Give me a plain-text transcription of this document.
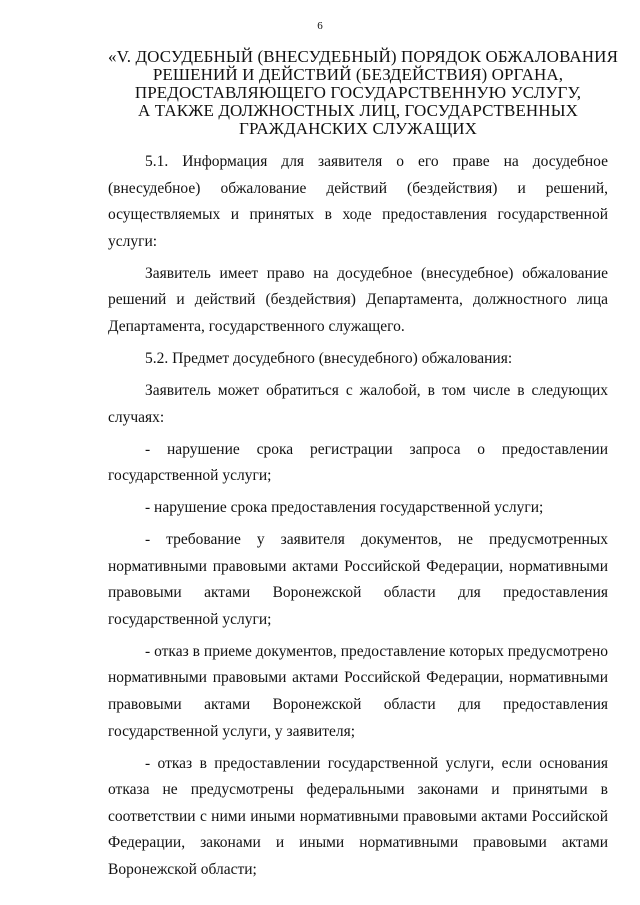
6
«V. ДОСУДЕБНЫЙ (ВНЕСУДЕБНЫЙ) ПОРЯДОК ОБЖАЛОВАНИЯ
РЕШЕНИЙ И ДЕЙСТВИЙ (БЕЗДЕЙСТВИЯ) ОРГАНА,
ПРЕДОСТАВЛЯЮЩЕГО ГОСУДАРСТВЕННУЮ УСЛУГУ,
А ТАКЖЕ ДОЛЖНОСТНЫХ ЛИЦ, ГОСУДАРСТВЕННЫХ
ГРАЖДАНСКИХ СЛУЖАЩИХ

5.1. Информация для заявителя о его праве на досудебное (внесудебное) обжалование действий (бездействия) и решений, осуществляемых и принятых в ходе предоставления государственной услуги:

Заявитель имеет право на досудебное (внесудебное) обжалование решений и действий (бездействия) Департамента, должностного лица Департамента, государственного служащего.

5.2. Предмет досудебного (внесудебного) обжалования:

Заявитель может обратиться с жалобой, в том числе в следующих случаях:

- нарушение срока регистрации запроса о предоставлении государственной услуги;

- нарушение срока предоставления государственной услуги;

- требование у заявителя документов, не предусмотренных нормативными правовыми актами Российской Федерации, нормативными правовыми актами Воронежской области для предоставления государственной услуги;

- отказ в приеме документов, предоставление которых предусмотрено нормативными правовыми актами Российской Федерации, нормативными правовыми актами Воронежской области для предоставления государственной услуги, у заявителя;

- отказ в предоставлении государственной услуги, если основания отказа не предусмотрены федеральными законами и принятыми в соответствии с ними иными нормативными правовыми актами Российской Федерации, законами и иными нормативными правовыми актами Воронежской области;
